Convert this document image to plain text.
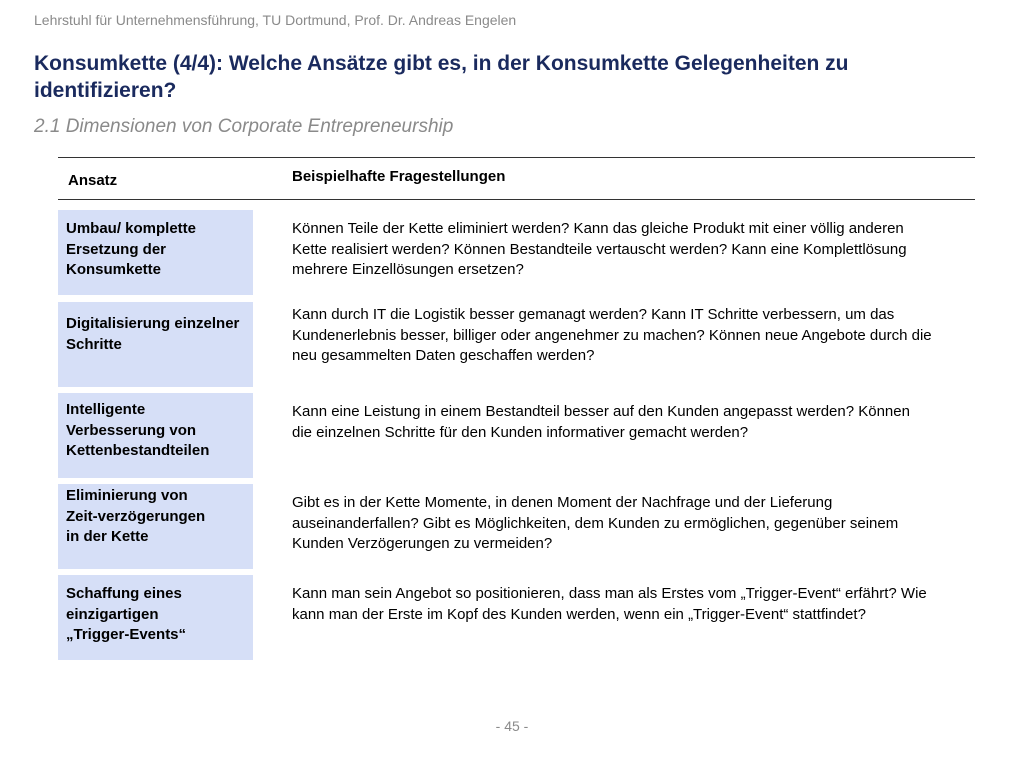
Lehrstuhl für Unternehmensführung, TU Dortmund, Prof. Dr. Andreas Engelen
Konsumkette (4/4): Welche Ansätze gibt es, in der Konsumkette Gelegenheiten zu identifizieren?
2.1 Dimensionen von Corporate Entrepreneurship
Ansatz	Beispielhafte Fragestellungen
Umbau/ komplette Ersetzung der Konsumkette
Können Teile der Kette eliminiert werden? Kann das gleiche Produkt mit einer völlig anderen Kette realisiert werden? Können Bestandteile vertauscht werden? Kann eine Komplettlösung mehrere Einzellösungen ersetzen?
Digitalisierung einzelner Schritte
Kann durch IT die Logistik besser gemanagt werden? Kann IT Schritte verbessern, um das Kundenerlebnis besser, billiger oder angenehmer zu machen? Können neue Angebote durch die neu gesammelten Daten geschaffen werden?
Intelligente Verbesserung von Kettenbestandteilen
Kann eine Leistung in einem Bestandteil besser auf den Kunden angepasst werden? Können die einzelnen Schritte für den Kunden informativer gemacht werden?
Eliminierung von Zeit-verzögerungen in der Kette
Gibt es in der Kette Momente, in denen Moment der Nachfrage und der Lieferung auseinanderfallen? Gibt es Möglichkeiten, dem Kunden zu ermöglichen, gegenüber seinem Kunden Verzögerungen zu vermeiden?
Schaffung eines einzigartigen „Trigger-Events“
Kann man sein Angebot so positionieren, dass man als Erstes vom „Trigger-Event“ erfährt? Wie kann man der Erste im Kopf des Kunden werden, wenn ein „Trigger-Event“ stattfindet?
- 45 -
